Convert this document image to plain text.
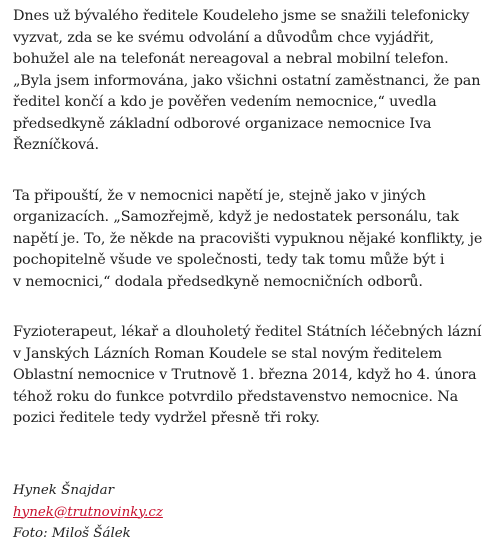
Dnes už bývalého ředitele Koudeleho jsme se snažili telefonicky
vyzvat, zda se ke svému odvolání a důvodům chce vyjádřit,
bohužel ale na telefonát nereagoval a nebral mobilní telefon.
„Byla jsem informována, jako všichni ostatní zaměstnanci, že pan
ředitel končí a kdo je pověřen vedením nemocnice,“ uvedla
předsedkyně základní odborové organizace nemocnice Iva
Řezníčková.

Ta připouští, že v nemocnici napětí je, stejně jako v jiných
organizacích. „Samozřejmě, když je nedostatek personálu, tak
napětí je. To, že někde na pracovišti vypuknou nějaké konflikty, je
pochopitelně všude ve společnosti, tedy tak tomu může být i
v nemocnici,“ dodala předsedkyně nemocničních odborů.

Fyzioterapeut, lékař a dlouholetý ředitel Státních léčebných lázní
v Janských Lázních Roman Koudele se stal novým ředitelem
Oblastní nemocnice v Trutnově 1. března 2014, když ho 4. února
téhož roku do funkce potvrdilo představenstvo nemocnice. Na
pozici ředitele tedy vydržel přesně tři roky.

Hynek Šnajdar
hynek@trutnovinky.cz
Foto: Miloš Šálek
